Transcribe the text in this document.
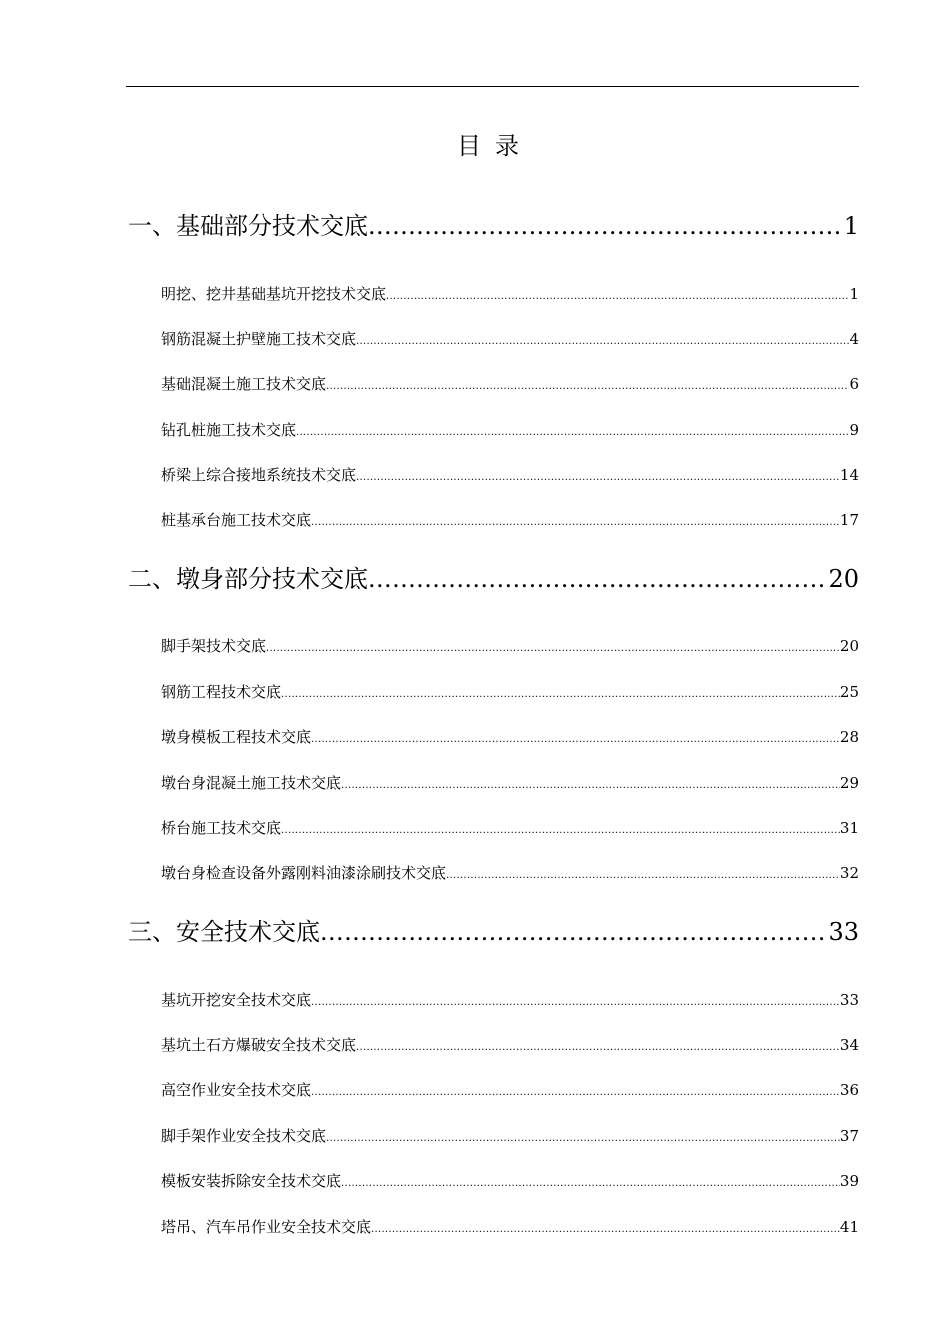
目录
一、基础部分技术交底 .....	1
明挖、挖井基础基坑开挖技术交底 .....	1
钢筋混凝土护壁施工技术交底 .....	4
基础混凝土施工技术交底 .....	6
钻孔桩施工技术交底 .....	9
桥梁上综合接地系统技术交底 .....	14
桩基承台施工技术交底 .....	17
二、墩身部分技术交底 .....	20
脚手架技术交底 .....	20
钢筋工程技术交底 .....	25
墩身模板工程技术交底 .....	28
墩台身混凝土施工技术交底 .....	29
桥台施工技术交底 .....	31
墩台身检查设备外露刚料油漆涂刷技术交底 .....	32
三、安全技术交底 .....	33
基坑开挖安全技术交底 .....	33
基坑土石方爆破安全技术交底 .....	34
高空作业安全技术交底 .....	36
脚手架作业安全技术交底 .....	37
模板安装拆除安全技术交底 .....	39
塔吊、汽车吊作业安全技术交底 .....	41
